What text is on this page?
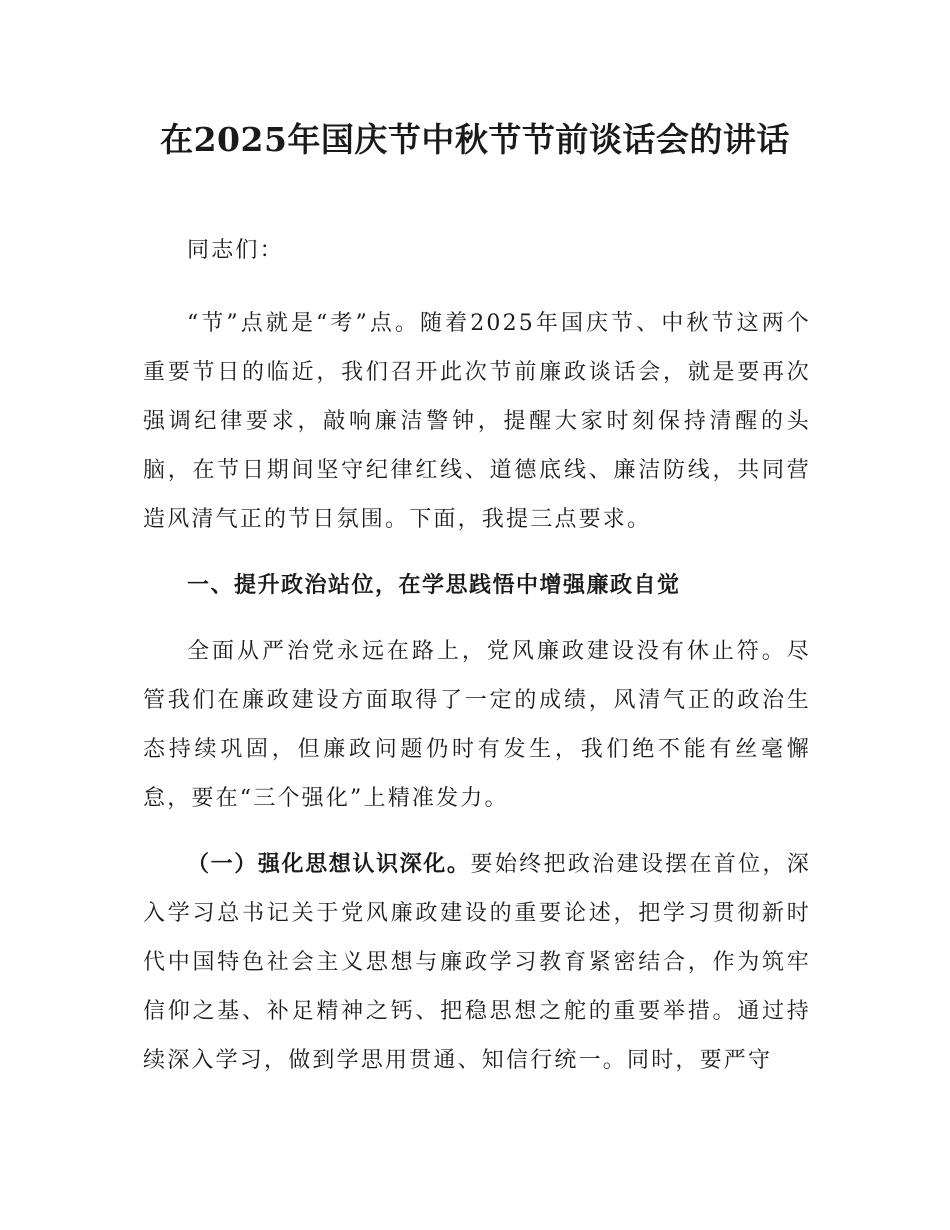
在2025年国庆节中秋节节前谈话会的讲话

同志们：

“节”点就是“考”点。随着2025年国庆节、中秋节这两个重要节日的临近，我们召开此次节前廉政谈话会，就是要再次强调纪律要求，敲响廉洁警钟，提醒大家时刻保持清醒的头脑，在节日期间坚守纪律红线、道德底线、廉洁防线，共同营造风清气正的节日氛围。下面，我提三点要求。

一、提升政治站位，在学思践悟中增强廉政自觉

全面从严治党永远在路上，党风廉政建设没有休止符。尽管我们在廉政建设方面取得了一定的成绩，风清气正的政治生态持续巩固，但廉政问题仍时有发生，我们绝不能有丝毫懈怠，要在“三个强化”上精准发力。

（一）强化思想认识深化。要始终把政治建设摆在首位，深入学习总书记关于党风廉政建设的重要论述，把学习贯彻新时代中国特色社会主义思想与廉政学习教育紧密结合，作为筑牢信仰之基、补足精神之钙、把稳思想之舵的重要举措。通过持续深入学习，做到学思用贯通、知信行统一。同时，要严守
